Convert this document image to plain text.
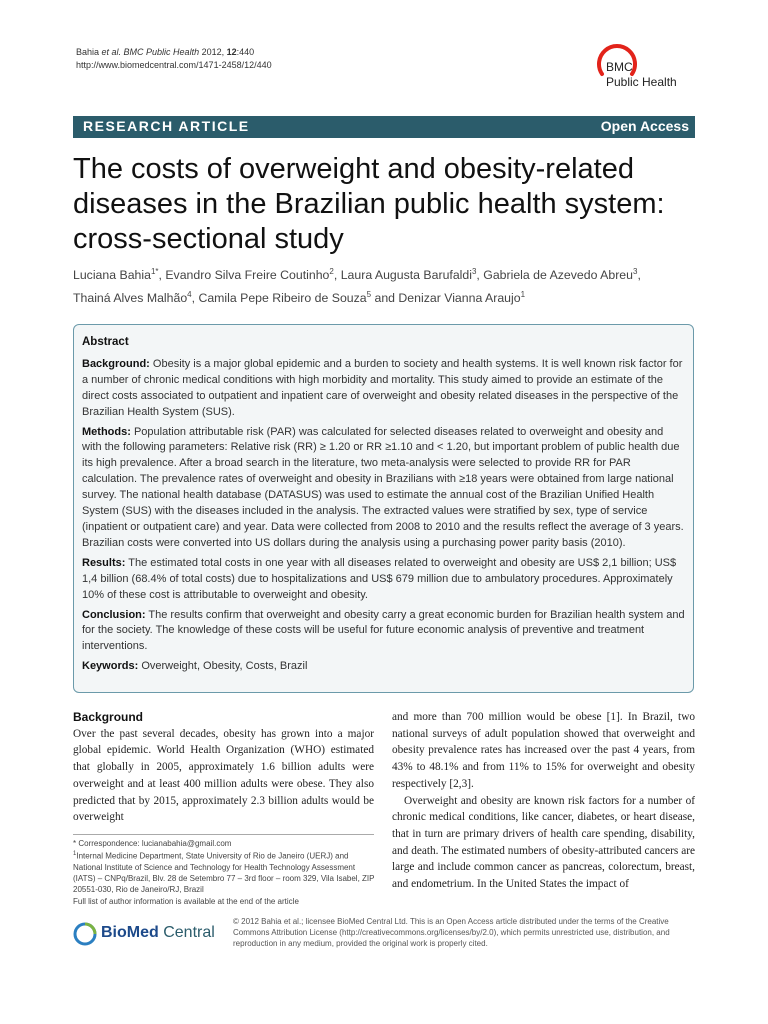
Bahia et al. BMC Public Health 2012, 12:440
http://www.biomedcentral.com/1471-2458/12/440	BMC
Public Health
RESEARCH ARTICLE	Open Access
The costs of overweight and obesity-related diseases in the Brazilian public health system: cross-sectional study
Luciana Bahia$^{1*}$, Evandro Silva Freire Coutinho$^2$, Laura Augusta Barufaldi$^3$, Gabriela de Azevedo Abreu$^3$,
Thainá Alves Malhão$^4$, Camila Pepe Ribeiro de Souza$^5$ and Denizar Vianna Araujo$^1$
Abstract

Background: Obesity is a major global epidemic and a burden to society and health systems. It is well known risk factor for a number of chronic medical conditions with high morbidity and mortality. This study aimed to provide an estimate of the direct costs associated to outpatient and inpatient care of overweight and obesity related diseases in the perspective of the Brazilian Health System (SUS).

Methods: Population attributable risk (PAR) was calculated for selected diseases related to overweight and obesity and with the following parameters: Relative risk (RR) ≥ 1.20 or RR ≥1.10 and < 1.20, but important problem of public health due its high prevalence. After a broad search in the literature, two meta-analysis were selected to provide RR for PAR calculation. The prevalence rates of overweight and obesity in Brazilians with ≥18 years were obtained from large national survey. The national health database (DATASUS) was used to estimate the annual cost of the Brazilian Unified Health System (SUS) with the diseases included in the analysis. The extracted values were stratified by sex, type of service (inpatient or outpatient care) and year. Data were collected from 2008 to 2010 and the results reflect the average of 3 years. Brazilian costs were converted into US dollars during the analysis using a purchasing power parity basis (2010).

Results: The estimated total costs in one year with all diseases related to overweight and obesity are US$ 2,1 billion; US$ 1,4 billion (68.4% of total costs) due to hospitalizations and US$ 679 million due to ambulatory procedures. Approximately 10% of these cost is attributable to overweight and obesity.

Conclusion: The results confirm that overweight and obesity carry a great economic burden for Brazilian health system and for the society. The knowledge of these costs will be useful for future economic analysis of preventive and treatment interventions.

Keywords: Overweight, Obesity, Costs, Brazil

Background
Over the past several decades, obesity has grown into a major global epidemic. World Health Organization (WHO) estimated that globally in 2005, approximately 1.6 billion adults were overweight and at least 400 million adults were obese. They also predicted that by 2015, approximately 2.3 billion adults would be overweight

and more than 700 million would be obese [1]. In Brazil, two national surveys of adult population showed that overweight and obesity prevalence rates has increased over the past 4 years, from 43% to 48.1% and from 11% to 15% for overweight and obesity respectively [2,3].

Overweight and obesity are known risk factors for a number of chronic medical conditions, like cancer, diabetes, or heart disease, that in turn are primary drivers of health care spending, disability, and death. The estimated numbers of obesity-attributed cancers are large and include common cancer as pancreas, colorectum, breast, and endometrium. In the United States the impact of

* Correspondence: lucianabahia@gmail.com
$^1$Internal Medicine Department, State University of Rio de Janeiro (UERJ) and National Institute of Science and Technology for Health Technology Assessment (IATS) – CNPq/Brazil, Blv. 28 de Setembro 77 – 3rd floor – room 329, Vila Isabel, ZIP 20551-030, Rio de Janeiro/RJ, Brazil
Full list of author information is available at the end of the article
BioMed Central
© 2012 Bahia et al.; licensee BioMed Central Ltd. This is an Open Access article distributed under the terms of the Creative Commons Attribution License (http://creativecommons.org/licenses/by/2.0), which permits unrestricted use, distribution, and reproduction in any medium, provided the original work is properly cited.
